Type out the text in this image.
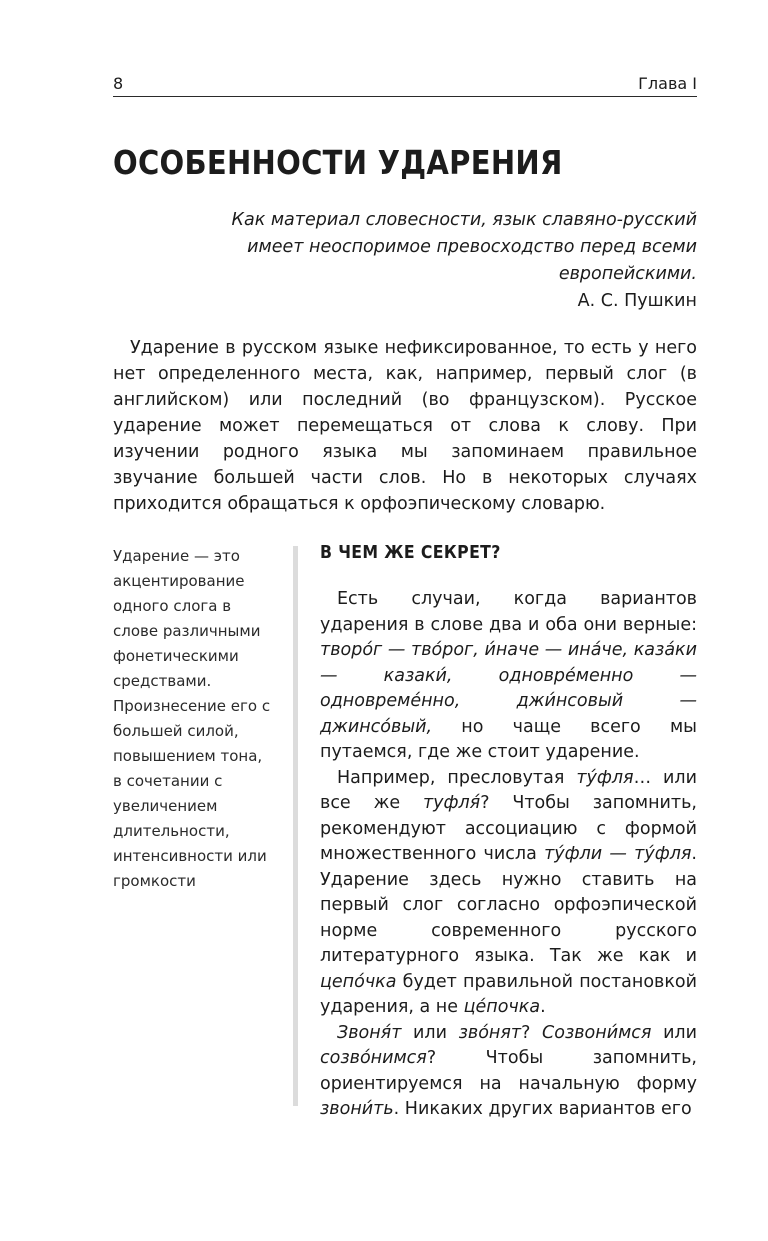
8	Глава I
ОСОБЕННОСТИ УДАРЕНИЯ
Как материал словесности, язык славяно-русский
имеет неоспоримое превосходство перед всеми
европейскими.
А. С. Пушкин

Ударение в русском языке нефиксированное, то есть у него нет определенного места, как, например, первый слог (в английском) или последний (во французском). Русское ударение может перемещаться от слова к слову. При изучении родного языка мы запоминаем правильное звучание большей части слов. Но в некоторых случаях приходится обращаться к орфоэпическому словарю.

Ударение — это акцентирование одного слога в слове различными фонетическими средствами. Произнесение его с большей силой, повышением тона, в сочетании с увеличением длительности, интенсивности или громкости
В ЧЕМ ЖЕ СЕКРЕТ?

Есть случаи, когда вариантов ударения в слове два и оба они верные: творо́г — тво́рог, и́наче — ина́че, каза́ки — казаки́, одновре́менно — одновреме́нно, джи́нсовый — джинсо́вый, но чаще всего мы путаемся, где же стоит ударение.

Например, пресловутая ту́фля… или все же туфля́? Чтобы запомнить, рекомендуют ассоциацию с формой множественного числа ту́фли — ту́фля. Ударение здесь нужно ставить на первый слог согласно орфоэпической норме современного русского литературного языка. Так же как и цепо́чка будет правильной постановкой ударения, а не це́почка.

Звоня́т или зво́нят? Созвони́мся или созво́нимся? Чтобы запомнить, ориентируемся на начальную форму звони́ть. Никаких других вариантов его
